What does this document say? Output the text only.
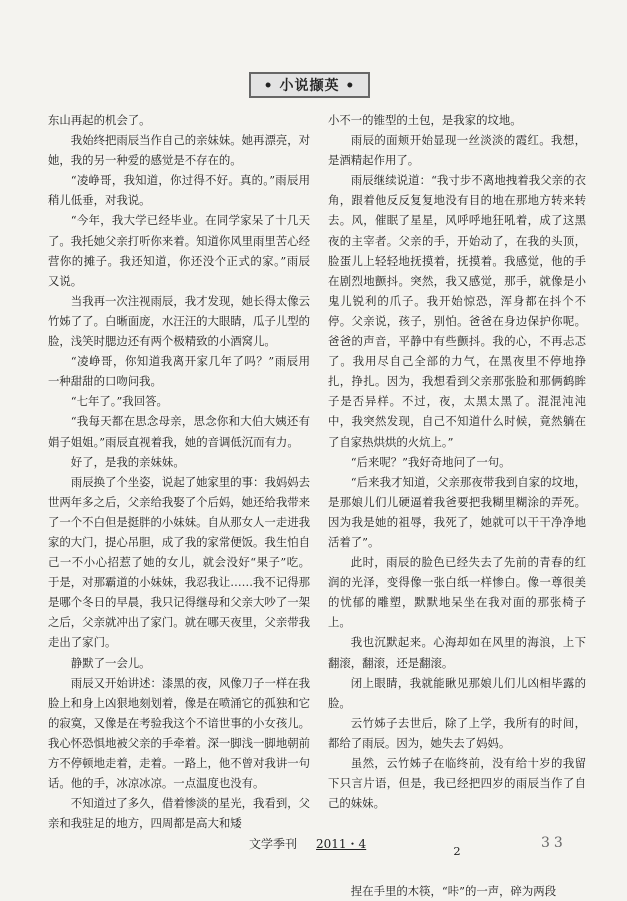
• 小说撷英 •

东山再起的机会了。

我始终把雨辰当作自己的亲妹妹。她再漂亮，对她，我的另一种爱的感觉是不存在的。

“凌峥哥，我知道，你过得不好。真的。”雨辰用稍儿低垂，对我说。

“今年，我大学已经毕业。在同学家呆了十几天了。我托她父亲打听你来着。知道你风里雨里苦心经营你的摊子。我还知道，你还没个正式的家。”雨辰又说。

当我再一次注视雨辰，我才发现，她长得太像云竹姊了了。白晰面庞，水汪汪的大眼睛，瓜子儿型的脸，浅笑时腮边还有两个极精致的小酒窝儿。

“凌峥哥，你知道我离开家几年了吗？”雨辰用一种甜甜的口吻问我。

“七年了。”我回答。

“我每天都在思念母亲，思念你和大伯大姨还有娟子姐姐。”雨辰直视着我，她的音调低沉而有力。

好了，是我的亲妹妹。

雨辰换了个坐姿，说起了她家里的事：我妈妈去世两年多之后，父亲给我娶了个后妈，她还给我带来了一个不白但是挺胖的小妹妹。自从那女人一走进我家的大门，提心吊胆，成了我的家常便饭。我生怕自己一不小心招惹了她的女儿，就会没好“果子”吃。于是，对那霸道的小妹妹，我忍我让……我不记得那是哪个冬日的早晨，我只记得继母和父亲大吵了一架之后，父亲就冲出了家门。就在哪天夜里，父亲带我走出了家门。

静默了一会儿。

雨辰又开始讲述：漆黑的夜，风像刀子一样在我脸上和身上凶狠地刻划着，像是在喷涌它的孤独和它的寂寞，又像是在考验我这个不谙世事的小女孩儿。我心怀恐惧地被父亲的手牵着。深一脚浅一脚地朝前方不停顿地走着，走着。一路上，他不曾对我讲一句话。他的手，冰凉冰凉。一点温度也没有。

不知道过了多久，借着惨淡的星光，我看到，父亲和我驻足的地方，四周都是高大和矮

小不一的锥型的土包，是我家的坟地。

雨辰的面颊开始显现一丝淡淡的霞红。我想，是酒精起作用了。

雨辰继续说道：“我寸步不离地拽着我父亲的衣角，跟着他反反复复地没有目的地在那地方转来转去。风，催眠了星星，风呼呼地狂吼着，成了这黑夜的主宰者。父亲的手，开始动了，在我的头顶，脸蛋儿上轻轻地抚摸着，抚摸着。我感觉，他的手在剧烈地颤抖。突然，我又感觉，那手，就像是小鬼儿锐利的爪子。我开始惊恐，浑身都在抖个不停。父亲说，孩子，别怕。爸爸在身边保护你呢。爸爸的声音，平静中有些颤抖。我的心，不再忐忑了。我用尽自己全部的力气，在黑夜里不停地挣扎，挣扎。因为，我想看到父亲那张脸和那俩鹤眸子是否异样。不过，夜，太黑太黑了。混混沌沌中，我突然发现，自己不知道什么时候，竟然躺在了自家热烘烘的火炕上。”

“后来呢？”我好奇地问了一句。

“后来我才知道，父亲那夜带我到自家的坟地，是那娘儿们儿硬逼着我爸要把我糊里糊涂的弄死。因为我是她的祖辱，我死了，她就可以干干净净地活着了”。

此时，雨辰的脸色已经失去了先前的青春的红润的光泽，变得像一张白纸一样惨白。像一尊很美的忧郁的雕塑，默默地呆坐在我对面的那张椅子上。

我也沉默起来。心海却如在风里的海浪，上下翻滚，翻滚，还是翻滚。

闭上眼睛，我就能瞅见那娘儿们儿凶相毕露的脸。

云竹姊子去世后，除了上学，我所有的时间，都给了雨辰。因为，她失去了妈妈。

虽然，云竹姊子在临终前，没有给十岁的我留下只言片语，但是，我已经把四岁的雨辰当作了自己的妹妹。

2

捏在手里的木筷，“咔”的一声，碎为两段

文学季刊 2011・4	33
